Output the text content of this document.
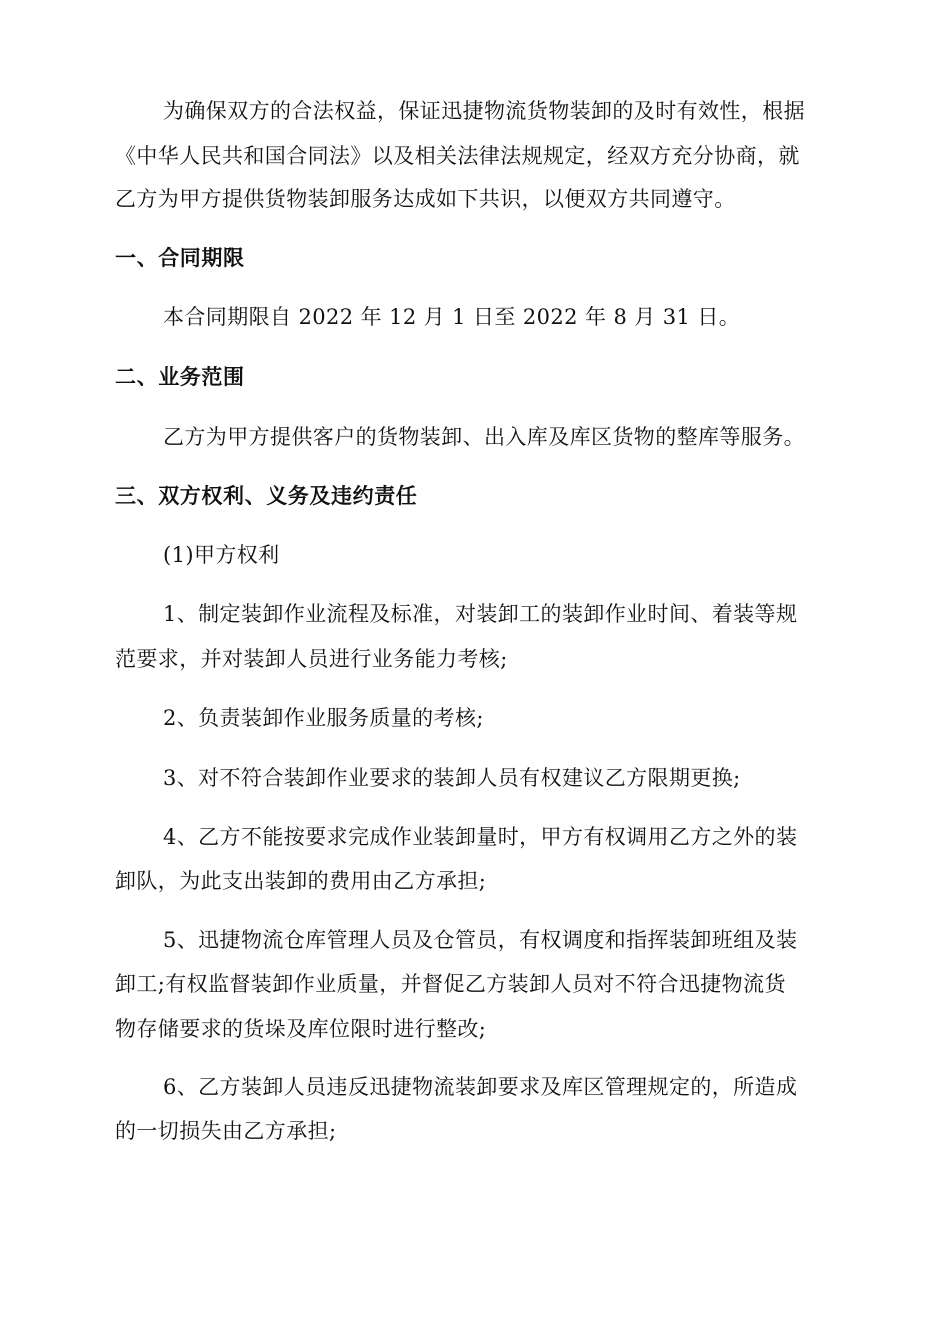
为确保双方的合法权益，保证迅捷物流货物装卸的及时有效性，根据
《中华人民共和国合同法》以及相关法律法规规定，经双方充分协商，就
乙方为甲方提供货物装卸服务达成如下共识，以便双方共同遵守。
一、合同期限
本合同期限自 2022 年 12 月 1 日至 2022 年 8 月 31 日。
二、业务范围
乙方为甲方提供客户的货物装卸、出入库及库区货物的整库等服务。
三、双方权利、义务及违约责任
(1)甲方权利
1、制定装卸作业流程及标准，对装卸工的装卸作业时间、着装等规
范要求，并对装卸人员进行业务能力考核;
2、负责装卸作业服务质量的考核;
3、对不符合装卸作业要求的装卸人员有权建议乙方限期更换;
4、乙方不能按要求完成作业装卸量时，甲方有权调用乙方之外的装
卸队，为此支出装卸的费用由乙方承担;
5、迅捷物流仓库管理人员及仓管员，有权调度和指挥装卸班组及装
卸工;有权监督装卸作业质量，并督促乙方装卸人员对不符合迅捷物流货
物存储要求的货垛及库位限时进行整改;
6、乙方装卸人员违反迅捷物流装卸要求及库区管理规定的，所造成
的一切损失由乙方承担;
